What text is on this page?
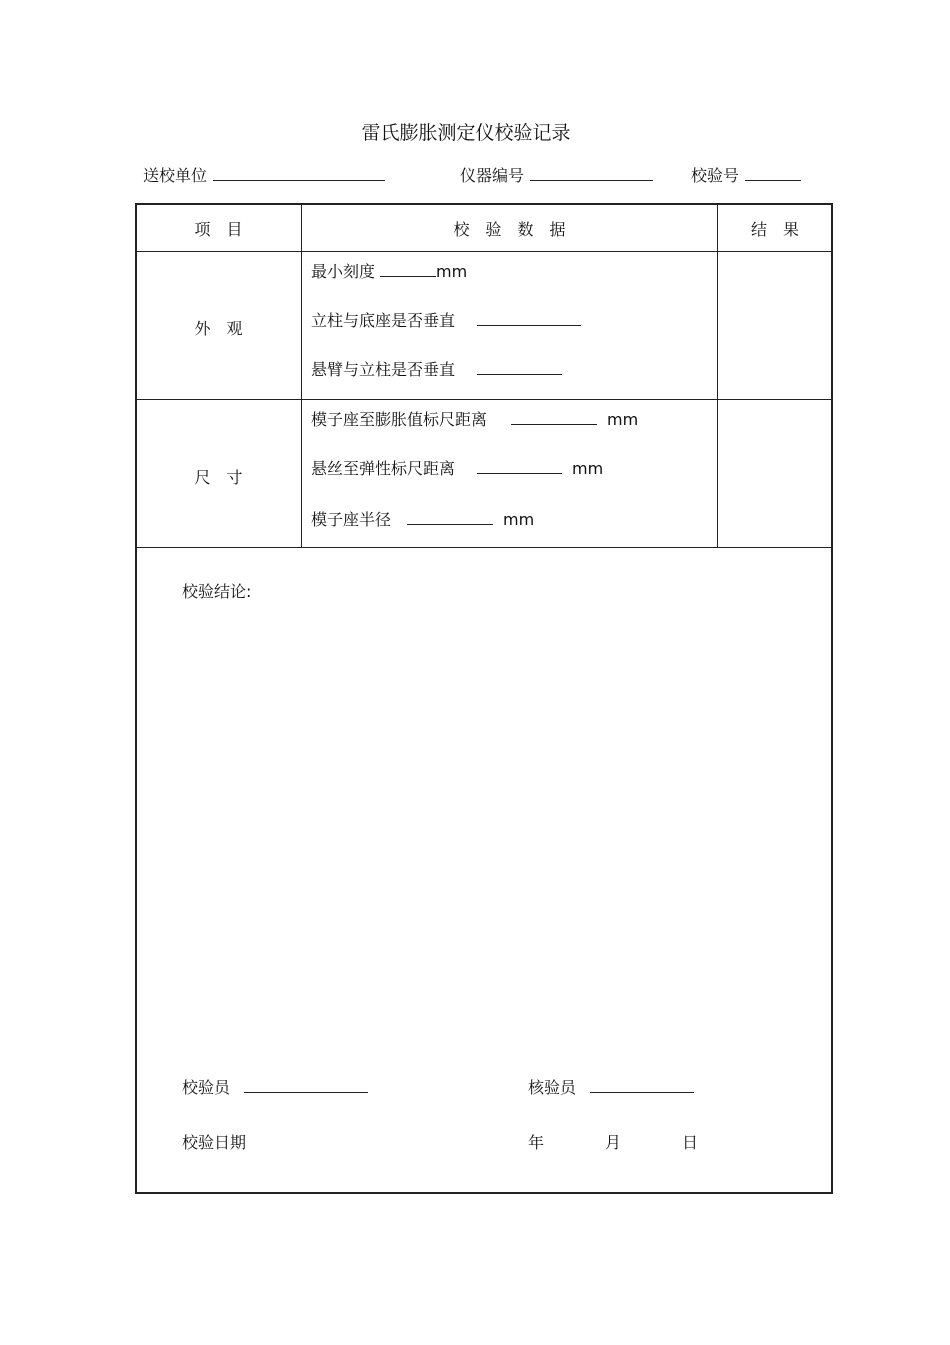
雷氏膨胀测定仪校验记录
送校单位	仪器编号	校验号
项　目	校　验　数　据	结　果
外　观
最小刻度	mm
立柱与底座是否垂直
悬臂与立柱是否垂直
尺　寸
模子座至膨胀值标尺距离	mm
悬丝至弹性标尺距离	mm
模子座半径	mm
校验结论:
校验员	核验员
校验日期	年	月	日
